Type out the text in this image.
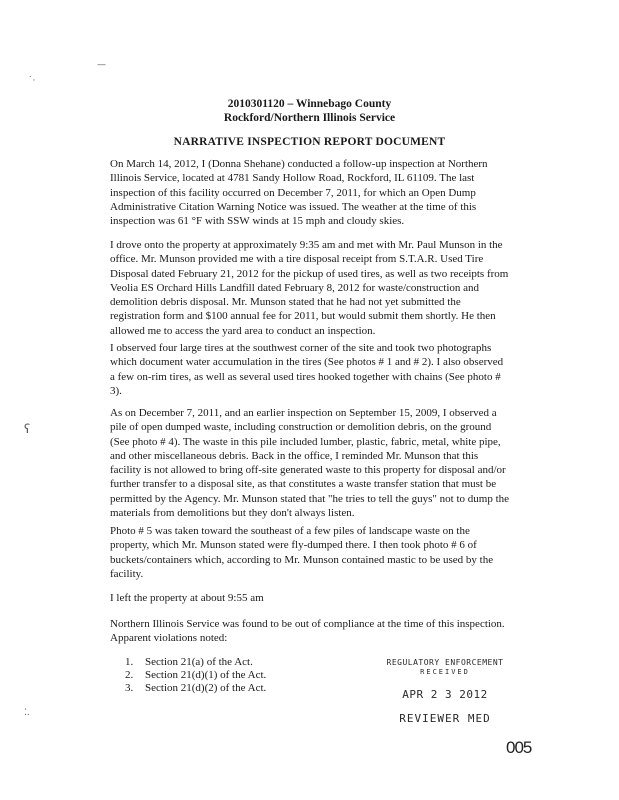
˙·
—
ʕ
⁚.
2010301120 – Winnebago County
Rockford/Northern Illinois Service
NARRATIVE INSPECTION REPORT DOCUMENT

On March 14, 2012, I (Donna Shehane) conducted a follow-up inspection at Northern Illinois Service, located at 4781 Sandy Hollow Road, Rockford, IL 61109. The last inspection of this facility occurred on December 7, 2011, for which an Open Dump Administrative Citation Warning Notice was issued. The weather at the time of this inspection was 61 °F with SSW winds at 15 mph and cloudy skies.

I drove onto the property at approximately 9:35 am and met with Mr. Paul Munson in the office. Mr. Munson provided me with a tire disposal receipt from S.T.A.R. Used Tire Disposal dated February 21, 2012 for the pickup of used tires, as well as two receipts from Veolia ES Orchard Hills Landfill dated February 8, 2012 for waste/construction and demolition debris disposal. Mr. Munson stated that he had not yet submitted the registration form and $100 annual fee for 2011, but would submit them shortly. He then allowed me to access the yard area to conduct an inspection.

I observed four large tires at the southwest corner of the site and took two photographs which document water accumulation in the tires (See photos # 1 and # 2). I also observed a few on-rim tires, as well as several used tires hooked together with chains (See photo # 3).

As on December 7, 2011, and an earlier inspection on September 15, 2009, I observed a pile of open dumped waste, including construction or demolition debris, on the ground (See photo # 4). The waste in this pile included lumber, plastic, fabric, metal, white pipe, and other miscellaneous debris. Back in the office, I reminded Mr. Munson that this facility is not allowed to bring off-site generated waste to this property for disposal and/or further transfer to a disposal site, as that constitutes a waste transfer station that must be permitted by the Agency. Mr. Munson stated that "he tries to tell the guys" not to dump the materials from demolitions but they don't always listen.

Photo # 5 was taken toward the southeast of a few piles of landscape waste on the property, which Mr. Munson stated were fly-dumped there. I then took photo # 6 of buckets/containers which, according to Mr. Munson contained mastic to be used by the facility.

I left the property at about 9:55 am

Northern Illinois Service was found to be out of compliance at the time of this inspection. Apparent violations noted:

1. Section 21(a) of the Act.
2. Section 21(d)(1) of the Act.
3. Section 21(d)(2) of the Act.
REGULATORY ENFORCEMENT
RECEIVED
APR 2 3 2012
REVIEWER MED
005
